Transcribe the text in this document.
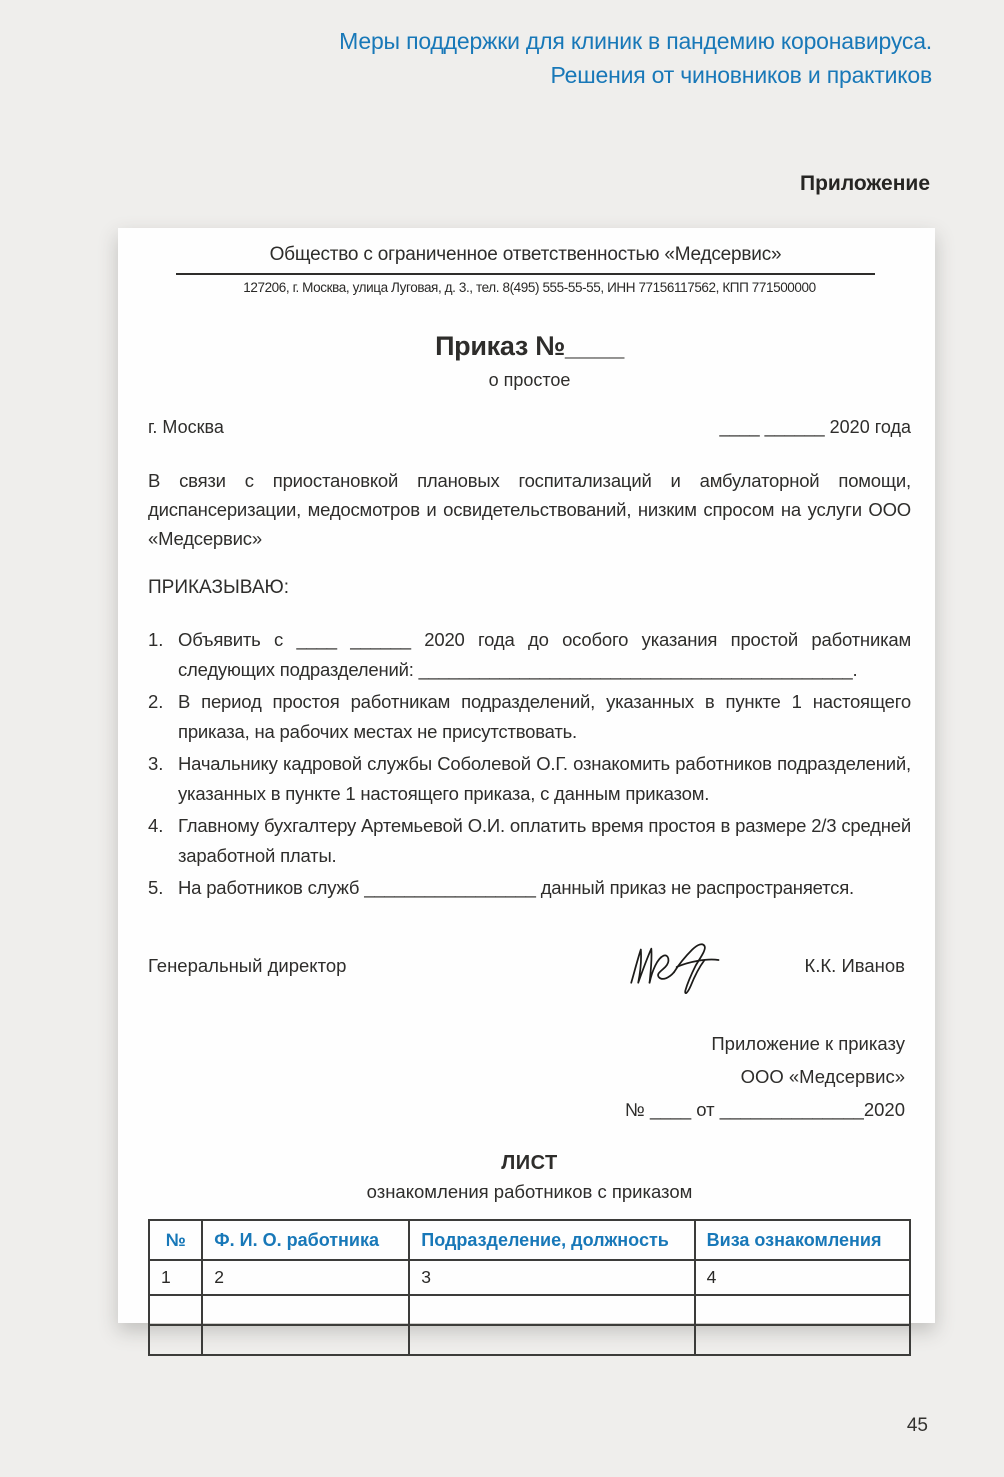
Меры поддержки для клиник в пандемию коронавируса.
Решения от чиновников и практиков
Приложение
Общество с ограниченное ответственностью «Медсервис»
127206, г. Москва, улица Луговая, д. 3., тел. 8(495) 555-55-55, ИНН 77156117562, КПП 771500000
Приказ №____
о простое
г. Москва	____ ______ 2020 года
В связи с приостановкой плановых госпитализаций и амбулаторной помощи, диспансеризации, медосмотров и освидетельствований, низким спросом на услуги ООО «Медсервис»
ПРИКАЗЫВАЮ:
1. Объявить с ____ ______ 2020 года до особого указания простой работникам следующих подразделений: ___________________________________________.
2. В период простоя работникам подразделений, указанных в пункте 1 настоящего приказа, на рабочих местах не присутствовать.
3. Начальнику кадровой службы Соболевой О.Г. ознакомить работников подразделений, указанных в пункте 1 настоящего приказа, с данным приказом.
4. Главному бухгалтеру Артемьевой О.И. оплатить время простоя в размере 2/3 средней заработной платы.
5. На работников служб _________________ данный приказ не распространяется.
Генеральный директор	К.К. Иванов
Приложение к приказу
ООО «Медсервис»
№ ____ от ______________2020
ЛИСТ
ознакомления работников с приказом
№	Ф. И. О. работника	Подразделение, должность	Виза ознакомления
1	2	3	4

45
